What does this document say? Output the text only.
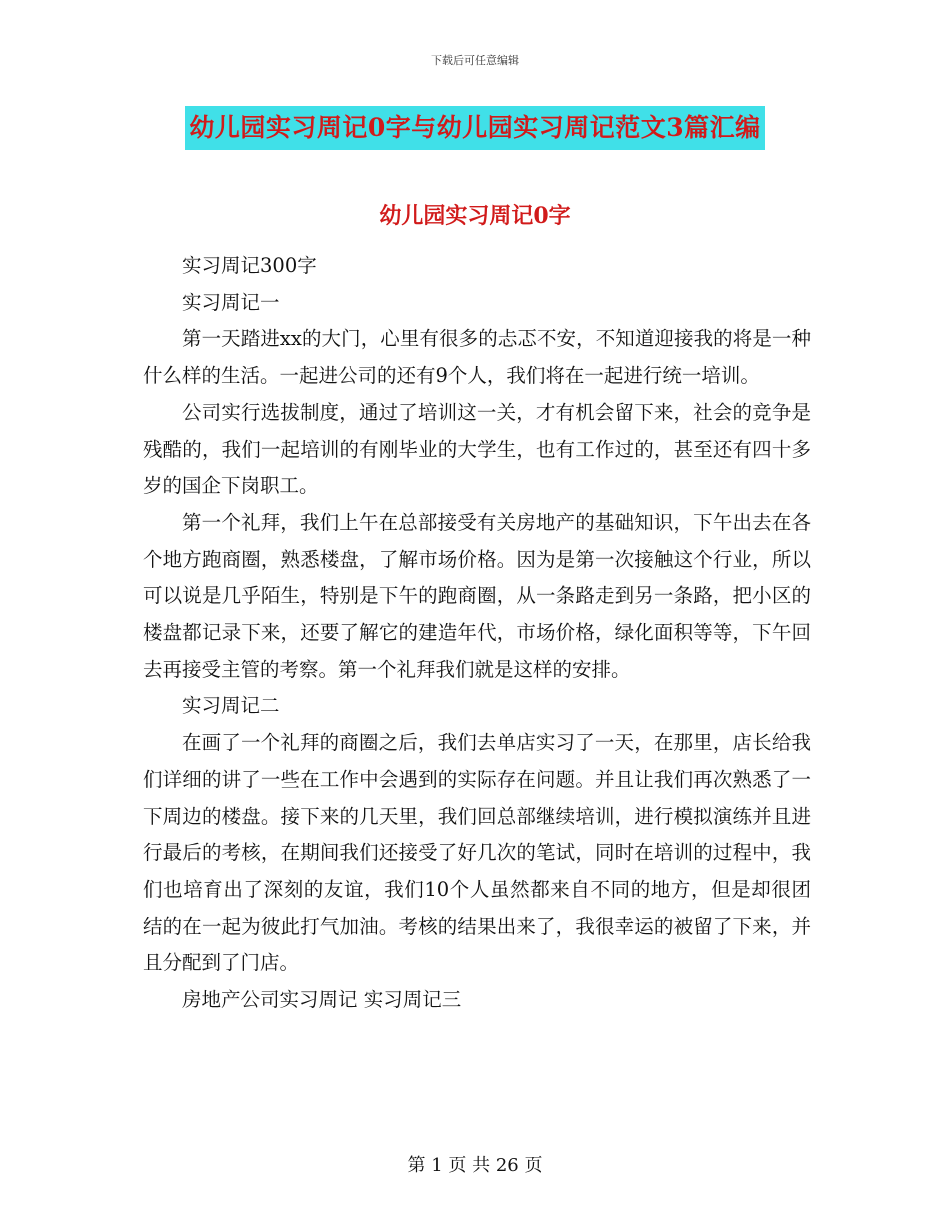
下载后可任意编辑
幼儿园实习周记0字与幼儿园实习周记范文3篇汇编
幼儿园实习周记0字

实习周记300字

实习周记一

第一天踏进xx的大门，心里有很多的忐忑不安，不知道迎接我的将是一种什么样的生活。一起进公司的还有9个人，我们将在一起进行统一培训。

公司实行选拔制度，通过了培训这一关，才有机会留下来，社会的竞争是残酷的，我们一起培训的有刚毕业的大学生，也有工作过的，甚至还有四十多岁的国企下岗职工。

第一个礼拜，我们上午在总部接受有关房地产的基础知识，下午出去在各个地方跑商圈，熟悉楼盘，了解市场价格。因为是第一次接触这个行业，所以可以说是几乎陌生，特别是下午的跑商圈，从一条路走到另一条路，把小区的楼盘都记录下来，还要了解它的建造年代，市场价格，绿化面积等等，下午回去再接受主管的考察。第一个礼拜我们就是这样的安排。

实习周记二

在画了一个礼拜的商圈之后，我们去单店实习了一天，在那里，店长给我们详细的讲了一些在工作中会遇到的实际存在问题。并且让我们再次熟悉了一下周边的楼盘。接下来的几天里，我们回总部继续培训，进行模拟演练并且进行最后的考核，在期间我们还接受了好几次的笔试，同时在培训的过程中，我们也培育出了深刻的友谊，我们10个人虽然都来自不同的地方，但是却很团结的在一起为彼此打气加油。考核的结果出来了，我很幸运的被留了下来，并且分配到了门店。

房地产公司实习周记 实习周记三

第 1 页 共 26 页
